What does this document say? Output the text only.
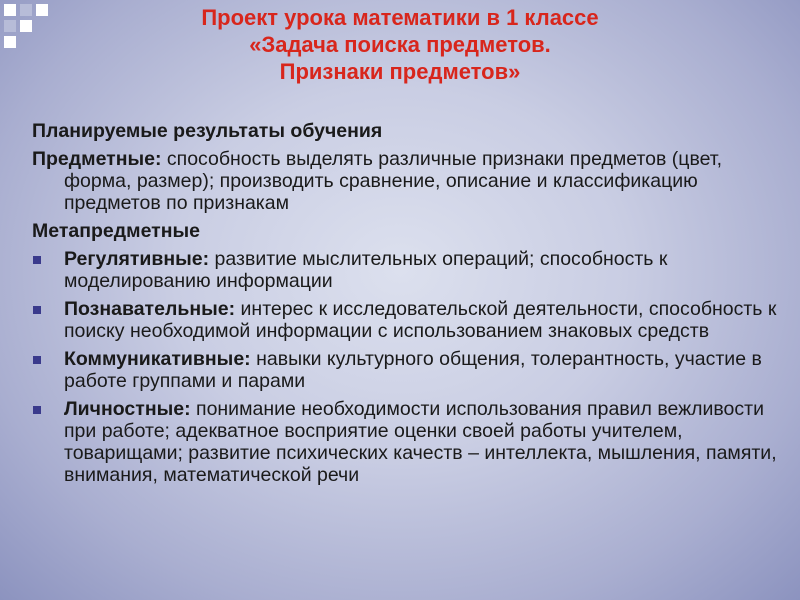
Проект урока математики в 1 классе
«Задача поиска предметов.
Признаки предметов»
Планируемые результаты обучения
Предметные: способность выделять различные признаки предметов (цвет, форма, размер); производить сравнение, описание и классификацию предметов по признакам
Метапредметные
Регулятивные: развитие мыслительных операций; способность к моделированию информации
Познавательные: интерес к исследовательской деятельности, способность к поиску необходимой информации с использованием знаковых средств
Коммуникативные: навыки культурного общения, толерантность, участие в работе группами и парами
Личностные: понимание необходимости использования правил вежливости при работе; адекватное восприятие оценки своей работы учителем, товарищами; развитие психических качеств – интеллекта, мышления, памяти, внимания, математической речи
